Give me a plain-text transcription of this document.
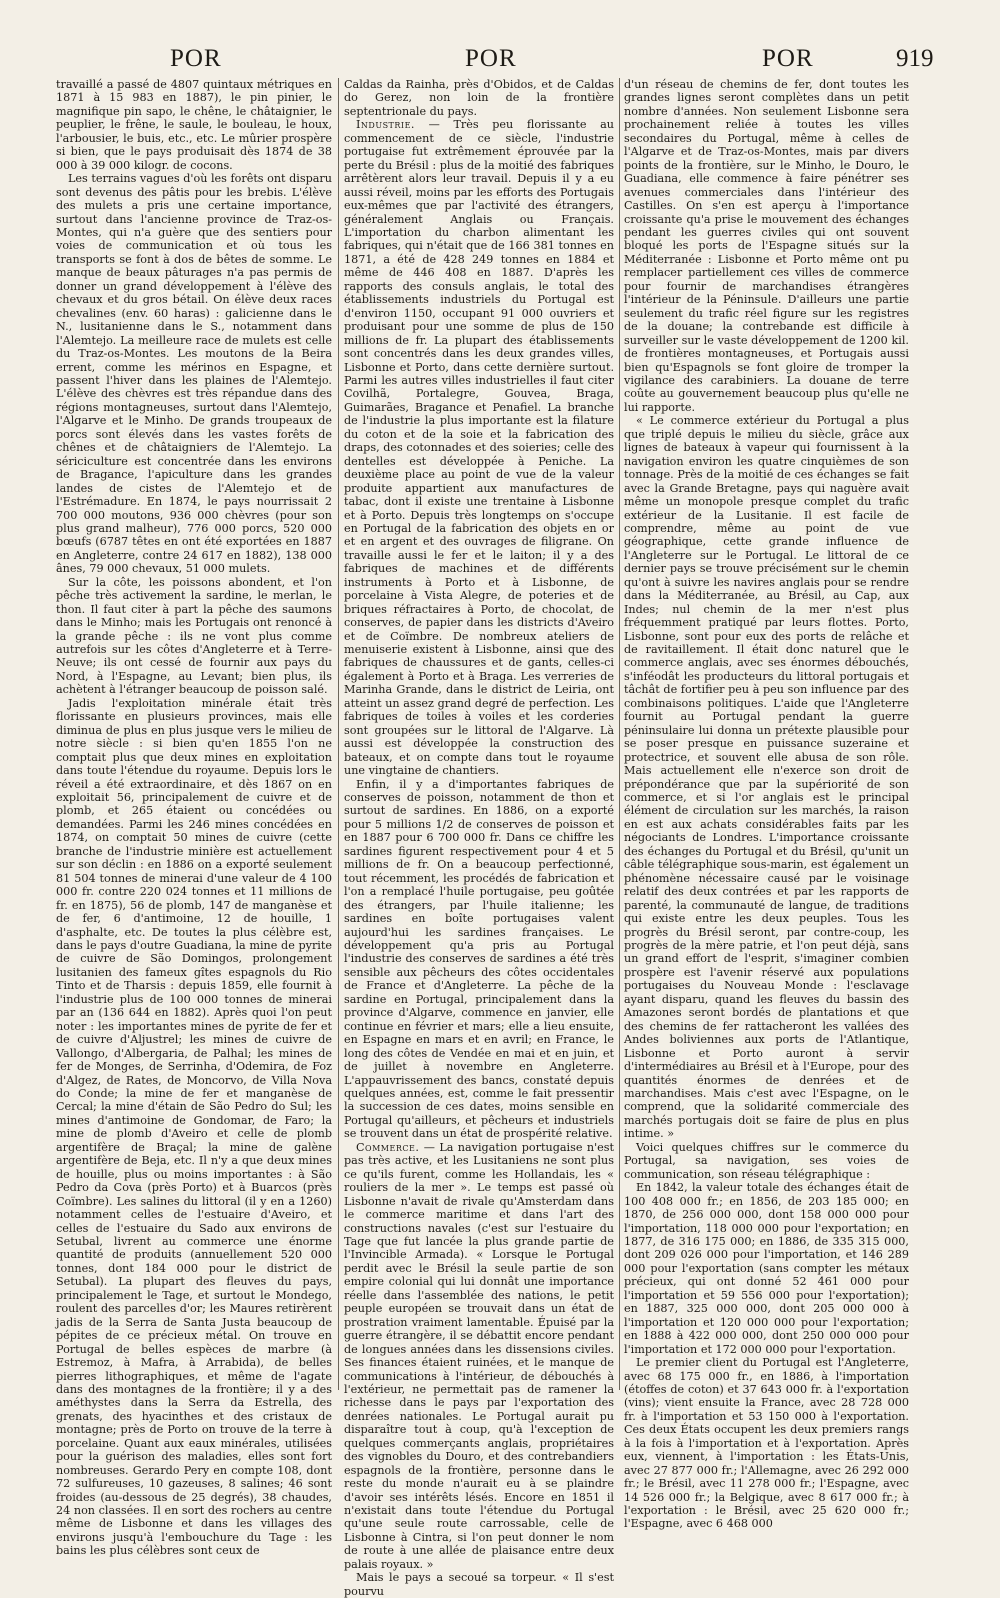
POR	POR	POR	919

travaillé a passé de 4807 quintaux métriques en 1871 à 15 983 en 1887), le pin pinier, le magnifique pin sapo, le chêne, le châtaignier, le peuplier, le frêne, le saule, le bouleau, le houx, l'arbousier, le buis, etc., etc. Le mûrier prospère si bien, que le pays produisait dès 1874 de 38 000 à 39 000 kilogr. de cocons.

Les terrains vagues d'où les forêts ont disparu sont devenus des pâtis pour les brebis. L'élève des mulets a pris une certaine importance, surtout dans l'ancienne province de Traz-os-Montes, qui n'a guère que des sentiers pour voies de communication et où tous les transports se font à dos de bêtes de somme. Le manque de beaux pâturages n'a pas permis de donner un grand développement à l'élève des chevaux et du gros bétail. On élève deux races chevalines (env. 60 haras) : galicienne dans le N., lusitanienne dans le S., notamment dans l'Alemtejo. La meilleure race de mulets est celle du Traz-os-Montes. Les moutons de la Beira errent, comme les mérinos en Espagne, et passent l'hiver dans les plaines de l'Alemtejo. L'élève des chèvres est très répandue dans des régions montagneuses, surtout dans l'Alemtejo, l'Algarve et le Minho. De grands troupeaux de porcs sont élevés dans les vastes forêts de chênes et de châtaigniers de l'Alemtejo. La sériciculture est concentrée dans les environs de Bragance, l'apiculture dans les grandes landes de cistes de l'Alemtejo et de l'Estrémadure. En 1874, le pays nourrissait 2 700 000 moutons, 936 000 chèvres (pour son plus grand malheur), 776 000 porcs, 520 000 bœufs (6787 têtes en ont été exportées en 1887 en Angleterre, contre 24 617 en 1882), 138 000 ânes, 79 000 chevaux, 51 000 mulets.

Sur la côte, les poissons abondent, et l'on pêche très activement la sardine, le merlan, le thon. Il faut citer à part la pêche des saumons dans le Minho; mais les Portugais ont renoncé à la grande pêche : ils ne vont plus comme autrefois sur les côtes d'Angleterre et à Terre-Neuve; ils ont cessé de fournir aux pays du Nord, à l'Espagne, au Levant; bien plus, ils achètent à l'étranger beaucoup de poisson salé.

Jadis l'exploitation minérale était très florissante en plusieurs provinces, mais elle diminua de plus en plus jusque vers le milieu de notre siècle : si bien qu'en 1855 l'on ne comptait plus que deux mines en exploitation dans toute l'étendue du royaume. Depuis lors le réveil a été extraordinaire, et dès 1867 on en exploitait 56, principalement de cuivre et de plomb, et 265 étaient ou concédées ou demandées. Parmi les 246 mines concédées en 1874, on comptait 50 mines de cuivre (cette branche de l'industrie minière est actuellement sur son déclin : en 1886 on a exporté seulement 81 504 tonnes de minerai d'une valeur de 4 100 000 fr. contre 220 024 tonnes et 11 millions de fr. en 1875), 56 de plomb, 147 de manganèse et de fer, 6 d'antimoine, 12 de houille, 1 d'asphalte, etc. De toutes la plus célèbre est, dans le pays d'outre Guadiana, la mine de pyrite de cuivre de São Domingos, prolongement lusitanien des fameux gîtes espagnols du Rio Tinto et de Tharsis : depuis 1859, elle fournit à l'industrie plus de 100 000 tonnes de minerai par an (136 644 en 1882). Après quoi l'on peut noter : les importantes mines de pyrite de fer et de cuivre d'Aljustrel; les mines de cuivre de Vallongo, d'Albergaria, de Palhal; les mines de fer de Monges, de Serrinha, d'Odemira, de Foz d'Algez, de Rates, de Moncorvo, de Villa Nova do Conde; la mine de fer et manganèse de Cercal; la mine d'étain de São Pedro do Sul; les mines d'antimoine de Gondomar, de Faro; la mine de plomb d'Aveiro et celle de plomb argentifère de Braçal; la mine de galène argentifère de Beja, etc. Il n'y a que deux mines de houille, plus ou moins importantes : à São Pedro da Cova (près Porto) et à Buarcos (près Coïmbre). Les salines du littoral (il y en a 1260) notamment celles de l'estuaire d'Aveiro, et celles de l'estuaire du Sado aux environs de Setubal, livrent au commerce une énorme quantité de produits (annuellement 520 000 tonnes, dont 184 000 pour le district de Setubal). La plupart des fleuves du pays, principalement le Tage, et surtout le Mondego, roulent des parcelles d'or; les Maures retirèrent jadis de la Serra de Santa Justa beaucoup de pépites de ce précieux métal. On trouve en Portugal de belles espèces de marbre (à Estremoz, à Mafra, à Arrabida), de belles pierres lithographiques, et même de l'agate dans des montagnes de la frontière; il y a des améthystes dans la Serra da Estrella, des grenats, des hyacinthes et des cristaux de montagne; près de Porto on trouve de la terre à porcelaine. Quant aux eaux minérales, utilisées pour la guérison des maladies, elles sont fort nombreuses. Gerardo Pery en compte 108, dont 72 sulfureuses, 10 gazeuses, 8 salines; 46 sont froides (au-dessous de 25 degrés), 38 chaudes, 24 non classées. Il en sort des rochers au centre même de Lisbonne et dans les villages des environs jusqu'à l'embouchure du Tage : les bains les plus célèbres sont ceux de

Caldas da Rainha, près d'Obidos, et de Caldas do Gerez, non loin de la frontière septentrionale du pays.

Industrie. — Très peu florissante au commencement de ce siècle, l'industrie portugaise fut extrêmement éprouvée par la perte du Brésil : plus de la moitié des fabriques arrêtèrent alors leur travail. Depuis il y a eu aussi réveil, moins par les efforts des Portugais eux-mêmes que par l'activité des étrangers, généralement Anglais ou Français. L'importation du charbon alimentant les fabriques, qui n'était que de 166 381 tonnes en 1871, a été de 428 249 tonnes en 1884 et même de 446 408 en 1887. D'après les rapports des consuls anglais, le total des établissements industriels du Portugal est d'environ 1150, occupant 91 000 ouvriers et produisant pour une somme de plus de 150 millions de fr. La plupart des établissements sont concentrés dans les deux grandes villes, Lisbonne et Porto, dans cette dernière surtout. Parmi les autres villes industrielles il faut citer Covilhã, Portalegre, Gouvea, Braga, Guimarães, Bragance et Penafiel. La branche de l'industrie la plus importante est la filature du coton et de la soie et la fabrication des draps, des cotonnades et des soieries; celle des dentelles est développée à Peniche. La deuxième place au point de vue de la valeur produite appartient aux manufactures de tabac, dont il existe une trentaine à Lisbonne et à Porto. Depuis très longtemps on s'occupe en Portugal de la fabrication des objets en or et en argent et des ouvrages de filigrane. On travaille aussi le fer et le laiton; il y a des fabriques de machines et de différents instruments à Porto et à Lisbonne, de porcelaine à Vista Alegre, de poteries et de briques réfractaires à Porto, de chocolat, de conserves, de papier dans les districts d'Aveiro et de Coïmbre. De nombreux ateliers de menuiserie existent à Lisbonne, ainsi que des fabriques de chaussures et de gants, celles-ci également à Porto et à Braga. Les verreries de Marinha Grande, dans le district de Leiria, ont atteint un assez grand degré de perfection. Les fabriques de toiles à voiles et les corderies sont groupées sur le littoral de l'Algarve. Là aussi est développée la construction des bateaux, et on compte dans tout le royaume une vingtaine de chantiers.

Enfin, il y a d'importantes fabriques de conserves de poisson, notamment de thon et surtout de sardines. En 1886, on a exporté pour 5 millions 1/2 de conserves de poisson et en 1887 pour 6 700 000 fr. Dans ce chiffre les sardines figurent respectivement pour 4 et 5 millions de fr. On a beaucoup perfectionné, tout récemment, les procédés de fabrication et l'on a remplacé l'huile portugaise, peu goûtée des étrangers, par l'huile italienne; les sardines en boîte portugaises valent aujourd'hui les sardines françaises. Le développement qu'a pris au Portugal l'industrie des conserves de sardines a été très sensible aux pêcheurs des côtes occidentales de France et d'Angleterre. La pêche de la sardine en Portugal, principalement dans la province d'Algarve, commence en janvier, elle continue en février et mars; elle a lieu ensuite, en Espagne en mars et en avril; en France, le long des côtes de Vendée en mai et en juin, et de juillet à novembre en Angleterre. L'appauvrissement des bancs, constaté depuis quelques années, est, comme le fait pressentir la succession de ces dates, moins sensible en Portugal qu'ailleurs, et pêcheurs et industriels se trouvent dans un état de prospérité relative.

Commerce. — La navigation portugaise n'est pas très active, et les Lusitaniens ne sont plus ce qu'ils furent, comme les Hollandais, les « rouliers de la mer ». Le temps est passé où Lisbonne n'avait de rivale qu'Amsterdam dans le commerce maritime et dans l'art des constructions navales (c'est sur l'estuaire du Tage que fut lancée la plus grande partie de l'Invincible Armada). « Lorsque le Portugal perdit avec le Brésil la seule partie de son empire colonial qui lui donnât une importance réelle dans l'assemblée des nations, le petit peuple européen se trouvait dans un état de prostration vraiment lamentable. Épuisé par la guerre étrangère, il se débattit encore pendant de longues années dans les dissensions civiles. Ses finances étaient ruinées, et le manque de communications à l'intérieur, de débouchés à l'extérieur, ne permettait pas de ramener la richesse dans le pays par l'exportation des denrées nationales. Le Portugal aurait pu disparaître tout à coup, qu'à l'exception de quelques commerçants anglais, propriétaires des vignobles du Douro, et des contrebandiers espagnols de la frontière, personne dans le reste du monde n'aurait eu à se plaindre d'avoir ses intérêts lésés. Encore en 1851 il n'existait dans toute l'étendue du Portugal qu'une seule route carrossable, celle de Lisbonne à Cintra, si l'on peut donner le nom de route à une allée de plaisance entre deux palais royaux. »

Mais le pays a secoué sa torpeur. « Il s'est pourvu

d'un réseau de chemins de fer, dont toutes les grandes lignes seront complètes dans un petit nombre d'années. Non seulement Lisbonne sera prochainement reliée à toutes les villes secondaires du Portugal, même à celles de l'Algarve et de Traz-os-Montes, mais par divers points de la frontière, sur le Minho, le Douro, le Guadiana, elle commence à faire pénétrer ses avenues commerciales dans l'intérieur des Castilles. On s'en est aperçu à l'importance croissante qu'a prise le mouvement des échanges pendant les guerres civiles qui ont souvent bloqué les ports de l'Espagne situés sur la Méditerranée : Lisbonne et Porto même ont pu remplacer partiellement ces villes de commerce pour fournir de marchandises étrangères l'intérieur de la Péninsule. D'ailleurs une partie seulement du trafic réel figure sur les registres de la douane; la contrebande est difficile à surveiller sur le vaste développement de 1200 kil. de frontières montagneuses, et Portugais aussi bien qu'Espagnols se font gloire de tromper la vigilance des carabiniers. La douane de terre coûte au gouvernement beaucoup plus qu'elle ne lui rapporte.

« Le commerce extérieur du Portugal a plus que triplé depuis le milieu du siècle, grâce aux lignes de bateaux à vapeur qui fournissent à la navigation environ les quatre cinquièmes de son tonnage. Près de la moitié de ces échanges se fait avec la Grande Bretagne, pays qui naguère avait même un monopole presque complet du trafic extérieur de la Lusitanie. Il est facile de comprendre, même au point de vue géographique, cette grande influence de l'Angleterre sur le Portugal. Le littoral de ce dernier pays se trouve précisément sur le chemin qu'ont à suivre les navires anglais pour se rendre dans la Méditerranée, au Brésil, au Cap, aux Indes; nul chemin de la mer n'est plus fréquemment pratiqué par leurs flottes. Porto, Lisbonne, sont pour eux des ports de relâche et de ravitaillement. Il était donc naturel que le commerce anglais, avec ses énormes débouchés, s'inféodât les producteurs du littoral portugais et tâchât de fortifier peu à peu son influence par des combinaisons politiques. L'aide que l'Angleterre fournit au Portugal pendant la guerre péninsulaire lui donna un prétexte plausible pour se poser presque en puissance suzeraine et protectrice, et souvent elle abusa de son rôle. Mais actuellement elle n'exerce son droit de prépondérance que par la supériorité de son commerce, et si l'or anglais est le principal élément de circulation sur les marchés, la raison en est aux achats considérables faits par les négociants de Londres. L'importance croissante des échanges du Portugal et du Brésil, qu'unit un câble télégraphique sous-marin, est également un phénomène nécessaire causé par le voisinage relatif des deux contrées et par les rapports de parenté, la communauté de langue, de traditions qui existe entre les deux peuples. Tous les progrès du Brésil seront, par contre-coup, les progrès de la mère patrie, et l'on peut déjà, sans un grand effort de l'esprit, s'imaginer combien prospère est l'avenir réservé aux populations portugaises du Nouveau Monde : l'esclavage ayant disparu, quand les fleuves du bassin des Amazones seront bordés de plantations et que des chemins de fer rattacheront les vallées des Andes boliviennes aux ports de l'Atlantique, Lisbonne et Porto auront à servir d'intermédiaires au Brésil et à l'Europe, pour des quantités énormes de denrées et de marchandises. Mais c'est avec l'Espagne, on le comprend, que la solidarité commerciale des marchés portugais doit se faire de plus en plus intime. »

Voici quelques chiffres sur le commerce du Portugal, sa navigation, ses voies de communication, son réseau télégraphique :

En 1842, la valeur totale des échanges était de 100 408 000 fr.; en 1856, de 203 185 000; en 1870, de 256 000 000, dont 158 000 000 pour l'importation, 118 000 000 pour l'exportation; en 1877, de 316 175 000; en 1886, de 335 315 000, dont 209 026 000 pour l'importation, et 146 289 000 pour l'exportation (sans compter les métaux précieux, qui ont donné 52 461 000 pour l'importation et 59 556 000 pour l'exportation); en 1887, 325 000 000, dont 205 000 000 à l'importation et 120 000 000 pour l'exportation; en 1888 à 422 000 000, dont 250 000 000 pour l'importation et 172 000 000 pour l'exportation.

Le premier client du Portugal est l'Angleterre, avec 68 175 000 fr., en 1886, à l'importation (étoffes de coton) et 37 643 000 fr. à l'exportation (vins); vient ensuite la France, avec 28 728 000 fr. à l'importation et 53 150 000 à l'exportation. Ces deux États occupent les deux premiers rangs à la fois à l'importation et à l'exportation. Après eux, viennent, à l'importation : les États-Unis, avec 27 877 000 fr.; l'Allemagne, avec 26 292 000 fr.; le Brésil, avec 11 278 000 fr.; l'Espagne, avec 14 526 000 fr.; la Belgique, avec 8 617 000 fr.; à l'exportation : le Brésil, avec 25 620 000 fr.; l'Espagne, avec 6 468 000
